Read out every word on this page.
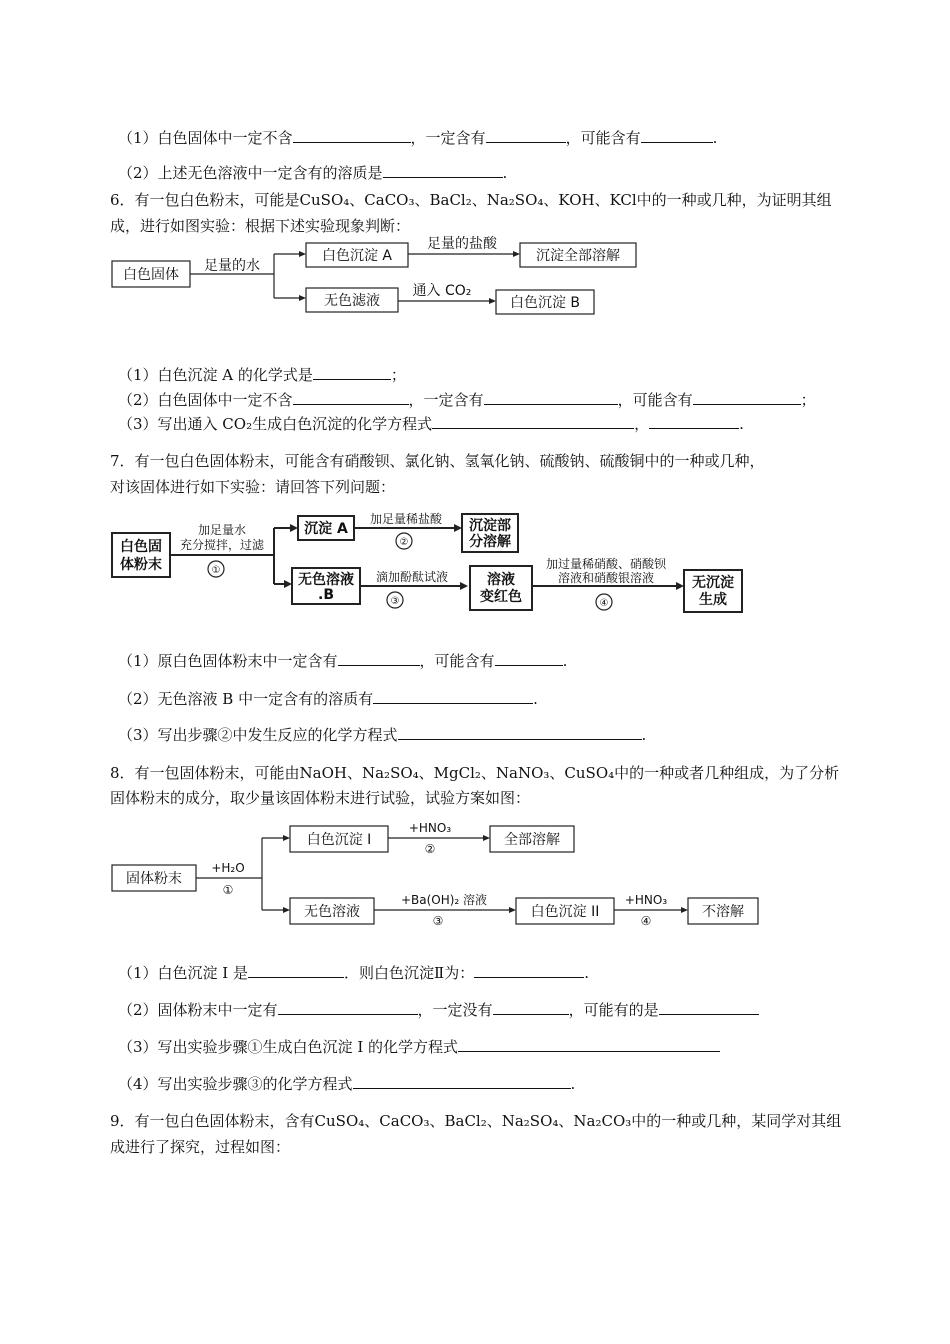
（1）白色固体中一定不含	，一定含有	，可能含有	.
（2）上述无色溶液中一定含有的溶质是	.
6．有一包白色粉末，可能是CuSO₄、CaCO₃、BaCl₂、Na₂SO₄、KOH、KCl中的一种或几种，为证明其组
成，进行如图实验：根据下述实验现象判断：
白色固体
足量的水
白色沉淀 A
足量的盐酸
沉淀全部溶解
无色滤液
通入 CO₂
白色沉淀 B
（1）白色沉淀 A 的化学式是	；
（2）白色固体中一定不含	，一定含有	，可能含有	；
（3）写出通入 CO₂生成白色沉淀的化学方程式	，	.
7．有一包白色固体粉末，可能含有硝酸钡、氯化钠、氢氧化钠、硫酸钠、硫酸铜中的一种或几种，
对该固体进行如下实验：请回答下列问题：
白色固
体粉末
加足量水
充分搅拌，过滤
①
沉淀 A
加足量稀盐酸
②
沉淀部
分溶解
无色溶液
.B
滴加酚酞试液
③
溶液
变红色
加过量稀硝酸、硝酸钡
溶液和硝酸银溶液
④
无沉淀
生成
（1）原白色固体粉末中一定含有	，可能含有	.
（2）无色溶液 B 中一定含有的溶质有	.
（3）写出步骤②中发生反应的化学方程式	.
8．有一包固体粉末，可能由NaOH、Na₂SO₄、MgCl₂、NaNO₃、CuSO₄中的一种或者几种组成，为了分析
固体粉末的成分，取少量该固体粉末进行试验，试验方案如图：
固体粉末
+H₂O
①
白色沉淀 I
+HNO₃
②
全部溶解
无色溶液
+Ba(OH)₂ 溶液
③
白色沉淀 II
+HNO₃
④
不溶解
（1）白色沉淀 I 是	．则白色沉淀Ⅱ为：	.
（2）固体粉末中一定有	，一定没有	，可能有的是
（3）写出实验步骤①生成白色沉淀 I 的化学方程式
（4）写出实验步骤③的化学方程式	.
9．有一包白色固体粉末，含有CuSO₄、CaCO₃、BaCl₂、Na₂SO₄、Na₂CO₃中的一种或几种，某同学对其组
成进行了探究，过程如图：
